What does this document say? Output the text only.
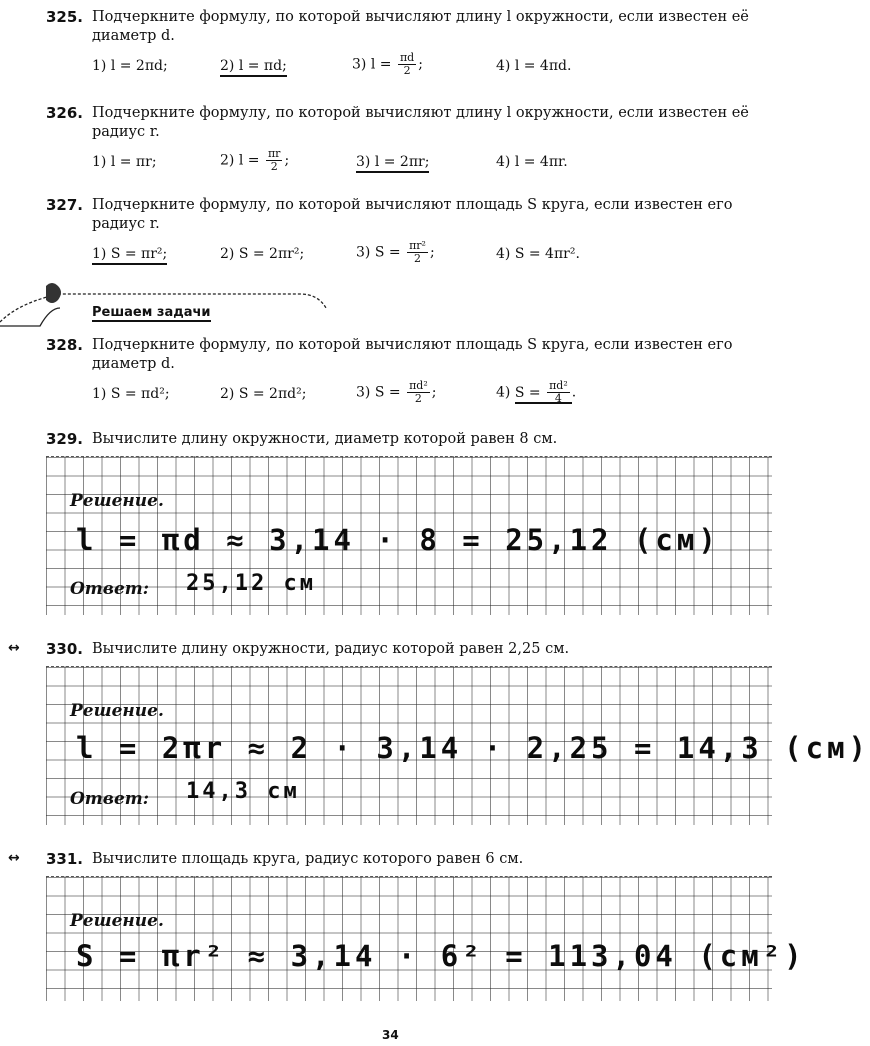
325. Подчеркните формулу, по которой вычисляют длину l окружности, если известен её диаметр d.
1) l = 2πd;	2) l = πd;	3) $l = \frac{\pi d}{2}$ ;	4) l = 4πd.
326. Подчеркните формулу, по которой вычисляют длину l окружности, если известен её радиус r.
1) l = πr;	2) $l = \frac{\pi r}{2}$ ;	3) l = 2πr;	4) l = 4πr.
327. Подчеркните формулу, по которой вычисляют площадь S круга, если известен его радиус r.
1) S = πr²;	2) S = 2πr²;	3) $S = \frac{\text{πr²}}{2}$ ;	4) S = 4πr².
Решаем задачи
328. Подчеркните формулу, по которой вычисляют площадь S круга, если известен его диаметр d.
1) S = πd²;	2) S = 2πd²;	3) $S = \frac{\text{πd²}}{2}$ ;	4) $S = \frac{\text{πd²}}{4}$ .
329. Вычислите длину окружности, диаметр которой равен 8 см.
Решение.
l = πd ≈ 3,14 · 8 = 25,12 (см)
Ответ: 25,12 см
↔ 330. Вычислите длину окружности, радиус которой равен 2,25 см.
Решение.
l = 2πr ≈ 2 · 3,14 · 2,25 = 14,3 (см)
Ответ: 14,3 см
↔ 331. Вычислите площадь круга, радиус которого равен 6 см.
Решение.
S = πr² ≈ 3,14 · 6² = 113,04 (см²)
34
